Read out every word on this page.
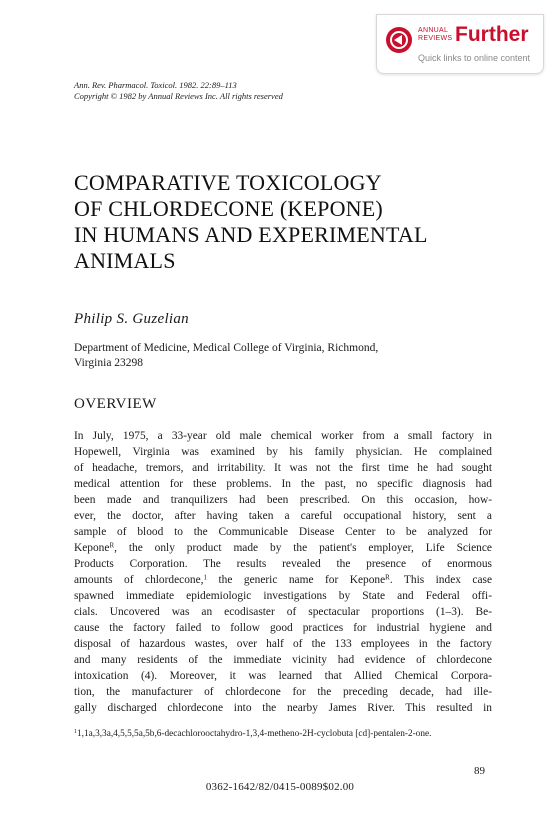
ANNUAL REVIEWS Further
Quick links to online content
Ann. Rev. Pharmacol. Toxicol. 1982. 22:89–113
Copyright © 1982 by Annual Reviews Inc. All rights reserved
COMPARATIVE TOXICOLOGY
OF CHLORDECONE (KEPONE)
IN HUMANS AND EXPERIMENTAL
ANIMALS
Philip S. Guzelian
Department of Medicine, Medical College of Virginia, Richmond,
Virginia 23298
OVERVIEW
In July, 1975, a 33-year old male chemical worker from a small factory in
Hopewell, Virginia was examined by his family physician. He complained
of headache, tremors, and irritability. It was not the first time he had sought
medical attention for these problems. In the past, no specific diagnosis had
been made and tranquilizers had been prescribed. On this occasion, how-
ever, the doctor, after having taken a careful occupational history, sent a
sample of blood to the Communicable Disease Center to be analyzed for
Kepone$^R$, the only product made by the patient's employer, Life Science
Products Corporation. The results revealed the presence of enormous
amounts of chlordecone,$^1$ the generic name for Kepone$^R$. This index case
spawned immediate epidemiologic investigations by State and Federal offi-
cials. Uncovered was an ecodisaster of spectacular proportions (1–3). Be-
cause the factory failed to follow good practices for industrial hygiene and
disposal of hazardous wastes, over half of the 133 employees in the factory
and many residents of the immediate vicinity had evidence of chlordecone
intoxication (4). Moreover, it was learned that Allied Chemical Corpora-
tion, the manufacturer of chlordecone for the preceding decade, had ille-
gally discharged chlordecone into the nearby James River. This resulted in
$^1$1,1a,3,3a,4,5,5,5a,5b,6-decachlorooctahydro-1,3,4-metheno-2H-cyclobuta [cd]-pentalen-2-one.
89
0362-1642/82/0415-0089$02.00
